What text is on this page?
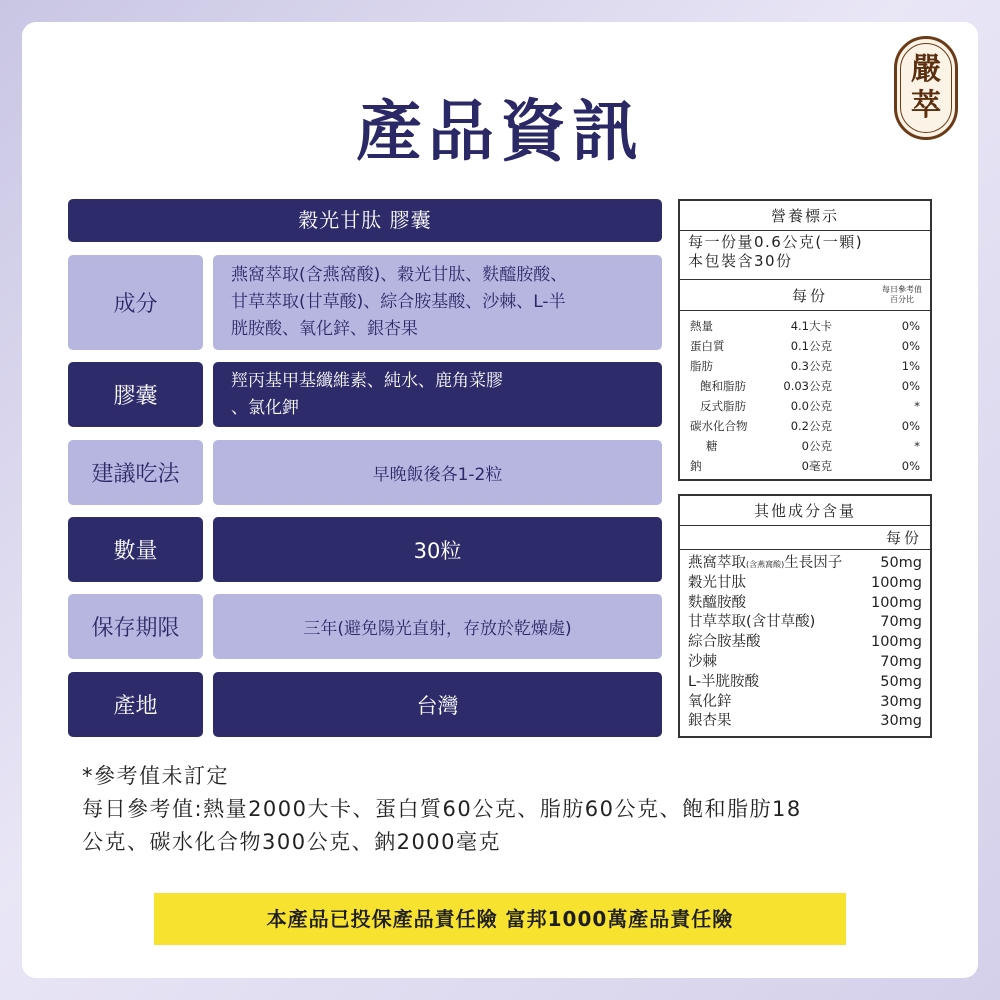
產品資訊
嚴
萃
穀光甘肽 膠囊
成分
燕窩萃取(含燕窩酸)、穀光甘肽、麩醯胺酸、
甘草萃取(甘草酸)、綜合胺基酸、沙棘、L-半
胱胺酸、氧化鋅、銀杏果
膠囊
羥丙基甲基纖維素、純水、鹿角菜膠
、氯化鉀
建議吃法	早晚飯後各1-2粒
數量	30粒
保存期限	三年(避免陽光直射，存放於乾燥處)
產地	台灣
營養標示
每一份量0.6公克(一顆)
本包裝含30份
每份	每日參考值
百分比
熱量	4.1大卡	0%
蛋白質	0.1公克	0%
脂肪	0.3公克	1%
飽和脂肪	0.03公克	0%
反式脂肪	0.0公克	*
碳水化合物	0.2公克	0%
糖	0公克	*
鈉	0毫克	0%
其他成分含量
每份
燕窩萃取(含燕窩酸)生長因子	50mg
穀光甘肽	100mg
麩醯胺酸	100mg
甘草萃取(含甘草酸)	70mg
綜合胺基酸	100mg
沙棘	70mg
L-半胱胺酸	50mg
氧化鋅	30mg
銀杏果	30mg
*參考值未訂定
每日參考值:熱量2000大卡、蛋白質60公克、脂肪60公克、飽和脂肪18
公克、碳水化合物300公克、鈉2000毫克
本產品已投保產品責任險 富邦1000萬產品責任險
